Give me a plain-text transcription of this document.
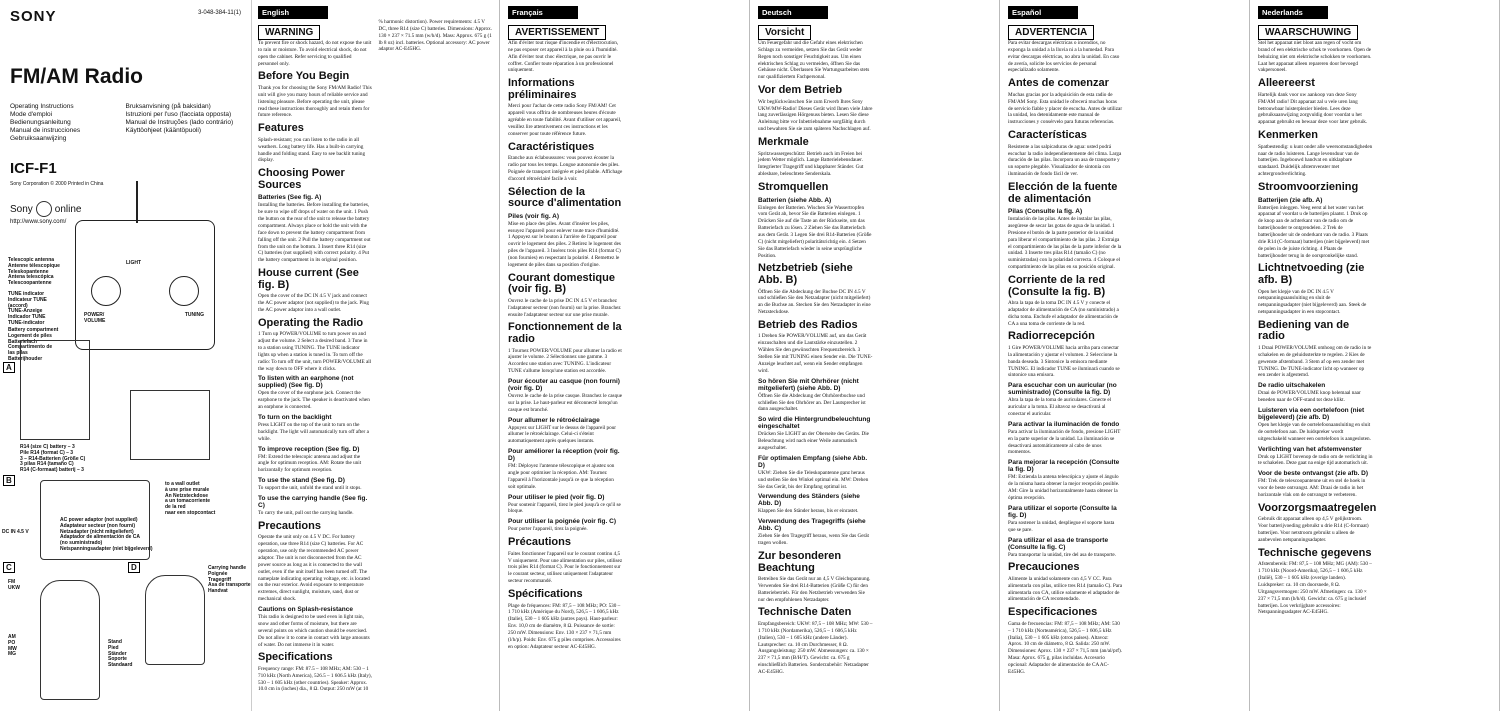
SONY	3-048-384-11(1)
FM/AM Radio
Operating Instructions	Bruksanvisning (på baksidan)
Mode d'emploi	Istruzioni per l'uso (facciata opposta)
Bedienungsanleitung	Manual de Instruções (lado contrário)
Manual de instrucciones	Käyttöohjeet (kääntöpuoli)
Gebruiksaanwijzing
ICF-F1
Sony Corporation © 2000 Printed in China
Sony online
http://www.sony.com/
Telescopic antenna
Antenne télescopique
Teleskopantenne
Antena telescópica
Telescoopantenne
TUNE indicator
Indicateur TUNE
(accord)
TUNE-Anzeige
Indicador TUNE
TUNE-indicator
Battery compartment
Logement de piles
Batteriefach
Compartimento de
las pilas
Batterijhouder
POWER/
VOLUME
LIGHT
TUNING
A
R14 (size C) battery – 3
Pile R14 (format C) – 3
3 – R14-Batterien (Größe C)
3 pilas R14 (tamaño C)
R14 (C-formaat) batterij – 3
B	to a wall outlet
à une prise murale
An Netzsteckdose
a un tomacorriente
de la red
naar een stopcontact
AC power adaptor (not supplied)
Adaptateur secteur (non fourni)
Netzadapter (nicht mitgeliefert)
Adaptador de alimentación de CA
(no suministrado)
Netspanningsadapter (niet bijgeleverd)
DC IN 4.5 V
C	D
FM
UKW
AM
PO
MW
MG
Carrying handle
Poignée
Tragegriff
Asa de transporte
Handvat
Stand
Pied
Ständer
Soporte
Standaard
English
WARNING

To prevent fire or shock hazard, do not expose the unit to rain or moisture. To avoid electrical shock, do not open the cabinet. Refer servicing to qualified personnel only.

Before You Begin

Thank you for choosing the Sony FM/AM Radio! This unit will give you many hours of reliable service and listening pleasure. Before operating the unit, please read these instructions thoroughly and retain them for future reference.

Features

Splash-resistant; you can listen to the radio in all weathers. Long battery life. Has a built-in carrying handle and folding stand. Easy to see backlit tuning display.

Choosing Power Sources
Batteries (See fig. A)

Installing the batteries. Before installing the batteries, be sure to wipe off drops of water on the unit. 1 Push the button on the rear of the unit to release the battery compartment. Always place or hold the unit with the face down to prevent the battery compartment from falling off the unit. 2 Pull the battery compartment out from the unit on the bottom. 3 Insert three R14 (size C) batteries (not supplied) with correct polarity. 4 Put the battery compartment in its original position.

House current (See fig. B)

Open the cover of the DC IN 4.5 V jack and connect the AC power adaptor (not supplied) to the jack. Plug the AC power adaptor into a wall outlet.

Operating the Radio

1 Turn up POWER/VOLUME to turn power on and adjust the volume. 2 Select a desired band. 3 Tune in to a station using TUNING. The TUNE indicator lights up when a station is tuned in. To turn off the radio: To turn off the unit, turn POWER/VOLUME all the way down to OFF where it clicks.

To listen with an earphone (not supplied) (See fig. D)

Open the cover of the earphone jack. Connect the earphone to the jack. The speaker is deactivated when an earphone is connected.

To turn on the backlight

Press LIGHT on the top of the unit to turn on the backlight. The light will automatically turn off after a while.

To improve reception (See fig. D)

FM: Extend the telescopic antenna and adjust the angle for optimum reception. AM: Rotate the unit horizontally for optimum reception.

To use the stand (See fig. D)

To support the unit, unfold the stand until it stops.

To use the carrying handle (See fig. C)

To carry the unit, pull out the carrying handle.

Precautions

Operate the unit only on 4.5 V DC. For battery operation, use three R14 (size C) batteries. For AC operation, use only the recommended AC power adaptor. The unit is not disconnected from the AC power source as long as it is connected to the wall outlet, even if the unit itself has been turned off. The nameplate indicating operating voltage, etc. is located on the rear exterior. Avoid exposure to temperature extremes, direct sunlight, moisture, sand, dust or mechanical shock.

Cautions on Splash-resistance

This radio is designed to be used even in light rain, snow and other forms of moisture, but there are several points on which caution should be exercised. Do not allow it to come in contact with large amounts of water. Do not immerse it in water.

Specifications

Frequency range: FM: 87.5 – 108 MHz; AM: 530 – 1 710 kHz (North America), 526.5 – 1 606.5 kHz (Italy), 530 – 1 605 kHz (other countries). Speaker: Approx. 10.0 cm in (inches) dia., 8 Ω. Output: 250 mW (at 10 % harmonic distortion). Power requirements: 4.5 V DC, three R14 (size C) batteries. Dimensions: Approx. 130 × 237 × 71.5 mm (w/h/d). Mass: Approx. 675 g (1 lb 8 oz) incl. batteries. Optional accessory: AC power adaptor AC-E45HG.

Français
AVERTISSEMENT

Afin d'éviter tout risque d'incendie et d'électrocution, ne pas exposer cet appareil à la pluie ou à l'humidité. Afin d'éviter tout choc électrique, ne pas ouvrir le coffret. Confier toute réparation à un professionnel uniquement.

Informations préliminaires

Merci pour l'achat de cette radio Sony FM/AM! Cet appareil vous offrira de nombreuses heures d'écoute agréable en toute fiabilité. Avant d'utiliser cet appareil, veuillez lire attentivement ces instructions et les conserver pour toute référence future.

Caractéristiques

Etanche aux éclaboussures: vous pouvez écouter la radio par tous les temps. Longue autonomie des piles. Poignée de transport intégrée et pied pliable. Affichage d'accord rétroéclairé facile à voir.

Sélection de la source d'alimentation
Piles (voir fig. A)

Mise en place des piles. Avant d'insérer les piles, essuyez l'appareil pour enlever toute trace d'humidité. 1 Appuyez sur le bouton à l'arrière de l'appareil pour ouvrir le logement des piles. 2 Retirez le logement des piles de l'appareil. 3 Insérez trois piles R14 (format C) (non fournies) en respectant la polarité. 4 Remettez le logement de piles dans sa position d'origine.

Courant domestique (voir fig. B)

Ouvrez le cache de la prise DC IN 4.5 V et branchez l'adaptateur secteur (non fourni) sur la prise. Branchez ensuite l'adaptateur secteur sur une prise murale.

Fonctionnement de la radio

1 Tournez POWER/VOLUME pour allumer la radio et ajuster le volume. 2 Sélectionnez une gamme. 3 Accordez une station avec TUNING. L'indicateur TUNE s'allume lorsqu'une station est accordée.

Pour écouter au casque (non fourni) (voir fig. D)

Ouvrez le cache de la prise casque. Branchez le casque sur la prise. Le haut-parleur est déconnecté lorsqu'un casque est branché.

Pour allumer le rétroéclairage

Appuyez sur LIGHT sur le dessus de l'appareil pour allumer le rétroéclairage. Celui-ci s'éteint automatiquement après quelques instants.

Pour améliorer la réception (voir fig. D)

FM: Déployez l'antenne télescopique et ajustez son angle pour optimiser la réception. AM: Tournez l'appareil à l'horizontale jusqu'à ce que la réception soit optimale.

Pour utiliser le pied (voir fig. D)

Pour soutenir l'appareil, tirez le pied jusqu'à ce qu'il se bloque.

Pour utiliser la poignée (voir fig. C)

Pour porter l'appareil, tirez la poignée.

Précautions

Faites fonctionner l'appareil sur le courant continu 4,5 V uniquement. Pour une alimentation sur piles, utilisez trois piles R14 (format C). Pour le fonctionnement sur le courant secteur, utilisez uniquement l'adaptateur secteur recommandé.

Spécifications

Plage de fréquences: FM: 87,5 – 108 MHz; PO: 530 – 1 710 kHz (Amérique du Nord), 526,5 – 1 606,5 kHz (Italie), 530 – 1 605 kHz (autres pays). Haut-parleur: Env. 10,0 cm de diamètre, 8 Ω. Puissance de sortie: 250 mW. Dimensions: Env. 130 × 237 × 71,5 mm (l/h/p). Poids: Env. 675 g piles comprises. Accessoires en option: Adaptateur secteur AC-E45HG.

Deutsch
Vorsicht

Um Feuergefahr und die Gefahr eines elektrischen Schlags zu vermeiden, setzen Sie das Gerät weder Regen noch sonstiger Feuchtigkeit aus. Um einen elektrischen Schlag zu vermeiden, öffnen Sie das Gehäuse nicht. Überlassen Sie Wartungsarbeiten stets nur qualifiziertem Fachpersonal.

Vor dem Betrieb

Wir beglückwünschen Sie zum Erwerb Ihres Sony UKW/MW-Radio! Dieses Gerät wird Ihnen viele Jahre lang zuverlässigen Hörgenuss bieten. Lesen Sie diese Anleitung bitte vor Inbetriebnahme sorgfältig durch und bewahren Sie sie zum späteren Nachschlagen auf.

Merkmale

Spritzwassergeschützt: Betrieb auch im Freien bei jedem Wetter möglich. Lange Batterielebensdauer. Integrierter Tragegriff und klappbarer Ständer. Gut ablesbare, beleuchtete Senderskala.

Stromquellen
Batterien (siehe Abb. A)

Einlegen der Batterien. Wischen Sie Wassertropfen vom Gerät ab, bevor Sie die Batterien einlegen. 1 Drücken Sie auf die Taste an der Rückseite, um das Batteriefach zu lösen. 2 Ziehen Sie das Batteriefach aus dem Gerät. 3 Legen Sie drei R14-Batterien (Größe C) (nicht mitgeliefert) polaritätsrichtig ein. 4 Setzen Sie das Batteriefach wieder in seine ursprüngliche Position.

Netzbetrieb (siehe Abb. B)

Öffnen Sie die Abdeckung der Buchse DC IN 4.5 V und schließen Sie den Netzadapter (nicht mitgeliefert) an die Buchse an. Stecken Sie den Netzadapter in eine Netzsteckdose.

Betrieb des Radios

1 Drehen Sie POWER/VOLUME auf, um das Gerät einzuschalten und die Lautstärke einzustellen. 2 Wählen Sie den gewünschten Frequenzbereich. 3 Stellen Sie mit TUNING einen Sender ein. Die TUNE-Anzeige leuchtet auf, wenn ein Sender empfangen wird.

So hören Sie mit Ohrhörer (nicht mitgeliefert) (siehe Abb. D)

Öffnen Sie die Abdeckung der Ohrhörerbuchse und schließen Sie den Ohrhörer an. Der Lautsprecher ist dann ausgeschaltet.

So wird die Hintergrundbeleuchtung eingeschaltet

Drücken Sie LIGHT an der Oberseite des Geräts. Die Beleuchtung wird nach einer Weile automatisch ausgeschaltet.

Für optimalen Empfang (siehe Abb. D)

UKW: Ziehen Sie die Teleskopantenne ganz heraus und stellen Sie den Winkel optimal ein. MW: Drehen Sie das Gerät, bis der Empfang optimal ist.

Verwendung des Ständers (siehe Abb. D)

Klappen Sie den Ständer heraus, bis er einrastet.

Verwendung des Tragegriffs (siehe Abb. C)

Ziehen Sie den Tragegriff heraus, wenn Sie das Gerät tragen wollen.

Zur besonderen Beachtung

Betreiben Sie das Gerät nur an 4,5 V Gleichspannung. Verwenden Sie drei R14-Batterien (Größe C) für den Batteriebetrieb. Für den Netzbetrieb verwenden Sie nur den empfohlenen Netzadapter.

Technische Daten

Empfangsbereich: UKW: 87,5 – 108 MHz; MW: 530 – 1 710 kHz (Nordamerika), 526,5 – 1 606,5 kHz (Italien), 530 – 1 605 kHz (andere Länder). Lautsprecher: ca. 10 cm Durchmesser, 8 Ω. Ausgangsleistung: 250 mW. Abmessungen: ca. 130 × 237 × 71,5 mm (B/H/T). Gewicht: ca. 675 g einschließlich Batterien. Sonderzubehör: Netzadapter AC-E45HG.

Español
ADVERTENCIA

Para evitar descargas eléctricas o incendios, no exponga la unidad a la lluvia ni a la humedad. Para evitar descargas eléctricas, no abra la unidad. En caso de avería, solicite los servicios de personal especializado solamente.

Antes de comenzar

Muchas gracias por la adquisición de esta radio de FM/AM Sony. Esta unidad le ofrecerá muchas horas de servicio fiable y placer de escucha. Antes de utilizar la unidad, lea detenidamente este manual de instrucciones y consérvelo para futuras referencias.

Características

Resistente a las salpicaduras de agua: usted podrá escuchar la radio independientemente del clima. Larga duración de las pilas. Incorpora un asa de transporte y un soporte plegable. Visualizador de sintonía con iluminación de fondo fácil de ver.

Elección de la fuente de alimentación
Pilas (Consulte la fig. A)

Instalación de las pilas. Antes de instalar las pilas, asegúrese de secar las gotas de agua de la unidad. 1 Presione el botón de la parte posterior de la unidad para liberar el compartimiento de las pilas. 2 Extraiga el compartimiento de las pilas de la parte inferior de la unidad. 3 Inserte tres pilas R14 (tamaño C) (no suministradas) con la polaridad correcta. 4 Coloque el compartimiento de las pilas en su posición original.

Corriente de la red (Consulte la fig. B)

Abra la tapa de la toma DC IN 4.5 V y conecte el adaptador de alimentación de CA (no suministrado) a dicha toma. Enchufe el adaptador de alimentación de CA a una toma de corriente de la red.

Radiorrecepción

1 Gire POWER/VOLUME hacia arriba para conectar la alimentación y ajustar el volumen. 2 Seleccione la banda deseada. 3 Sintonice la emisora mediante TUNING. El indicador TUNE se iluminará cuando se sintonice una emisora.

Para escuchar con un auricular (no suministrado) (Consulte la fig. D)

Abra la tapa de la toma de auriculares. Conecte el auricular a la toma. El altavoz se desactivará al conectar el auricular.

Para activar la iluminación de fondo

Para activar la iluminación de fondo, presione LIGHT en la parte superior de la unidad. La iluminación se desactivará automáticamente al cabo de unos momentos.

Para mejorar la recepción (Consulte la fig. D)

FM: Extienda la antena telescópica y ajuste el ángulo de la misma hasta obtener la mejor recepción posible. AM: Gire la unidad horizontalmente hasta obtener la óptima recepción.

Para utilizar el soporte (Consulte la fig. D)

Para sostener la unidad, despliegue el soporte hasta que se pare.

Para utilizar el asa de transporte (Consulte la fig. C)

Para transportar la unidad, tire del asa de transporte.

Precauciones

Alimente la unidad solamente con 4,5 V CC. Para alimentarla con pilas, utilice tres R14 (tamaño C). Para alimentarla con CA, utilice solamente el adaptador de alimentación de CA recomendado.

Especificaciones

Gama de frecuencias: FM: 87,5 – 108 MHz; AM: 530 – 1 710 kHz (Norteamérica), 526,5 – 1 606,5 kHz (Italia), 530 – 1 605 kHz (otros países). Altavoz: Aprox. 10 cm de diámetro, 8 Ω. Salida: 250 mW. Dimensiones: Aprox. 130 × 237 × 71,5 mm (an/al/prf). Masa: Aprox. 675 g, pilas incluidas. Accesorio opcional: Adaptador de alimentación de CA AC-E45HG.

Nederlands
WAARSCHUWING

Stel het apparaat niet bloot aan regen of vocht om brand of een elektrische schok te voorkomen. Open de behuizing niet om elektrische schokken te voorkomen. Laat het apparaat alleen repareren door bevoegd vakpersoneel.

Alleereerst

Hartelijk dank voor uw aankoop van deze Sony FM/AM radio! Dit apparaat zal u vele uren lang betrouwbaar luisterplezier bieden. Lees deze gebruiksaanwijzing zorgvuldig door voordat u het apparaat gebruikt en bewaar deze voor later gebruik.

Kenmerken

Spatbestendig: u kunt onder alle weersomstandigheden naar de radio luisteren. Lange levensduur van de batterijen. Ingebouwd handvat en uitklapbare standaard. Duidelijk afstemvenster met achtergrondverlichting.

Stroomvoorziening
Batterijen (zie afb. A)

Batterijen inleggen. Veeg eerst al het water van het apparaat af voordat u de batterijen plaatst. 1 Druk op de knop aan de achterkant van de radio om de batterijhouder te ontgrendelen. 2 Trek de batterijhouder uit de onderkant van de radio. 3 Plaats drie R14 (C-formaat) batterijen (niet bijgeleverd) met de polen in de juiste richting. 4 Plaats de batterijhouder terug in de oorspronkelijke stand.

Lichtnetvoeding (zie afb. B)

Open het klepje van de DC IN 4.5 V netspanningsaansluiting en sluit de netspanningsadapter (niet bijgeleverd) aan. Steek de netspanningsadapter in een stopcontact.

Bediening van de radio

1 Draai POWER/VOLUME omhoog om de radio in te schakelen en de geluidssterkte te regelen. 2 Kies de gewenste afstemband. 3 Stem af op een zender met TUNING. De TUNE-indicator licht op wanneer op een zender is afgestemd.

De radio uitschakelen

Draai de POWER/VOLUME knop helemaal naar beneden naar de OFF-stand tot deze klikt.

Luisteren via een oortelefoon (niet bijgeleverd) (zie afb. D)

Open het klepje van de oortelefoonaansluiting en sluit de oortelefoon aan. De luidspreker wordt uitgeschakeld wanneer een oortelefoon is aangesloten.

Verlichting van het afstemvenster

Druk op LIGHT bovenop de radio om de verlichting in te schakelen. Deze gaat na enige tijd automatisch uit.

Voor de beste ontvangst (zie afb. D)

FM: Trek de telescoopantenne uit en stel de hoek in voor de beste ontvangst. AM: Draai de radio in het horizontale vlak om de ontvangst te verbeteren.

Voorzorgsmaatregelen

Gebruik dit apparaat alleen op 4,5 V gelijkstroom. Voor batterijvoeding gebruikt u drie R14 (C-formaat) batterijen. Voor netstroom gebruikt u alleen de aanbevolen netspanningsadapter.

Technische gegevens

Afstembereik: FM: 87,5 – 108 MHz; MG (AM): 530 – 1 710 kHz (Noord-Amerika), 526,5 – 1 606,5 kHz (Italië), 530 – 1 605 kHz (overige landen). Luidspreker: ca. 10 cm doorsnede, 8 Ω. Uitgangsvermogen: 250 mW. Afmetingen: ca. 130 × 237 × 71,5 mm (b/h/d). Gewicht: ca. 675 g inclusief batterijen. Los verkrijgbare accessoires: Netspanningsadapter AC-E45HG.
